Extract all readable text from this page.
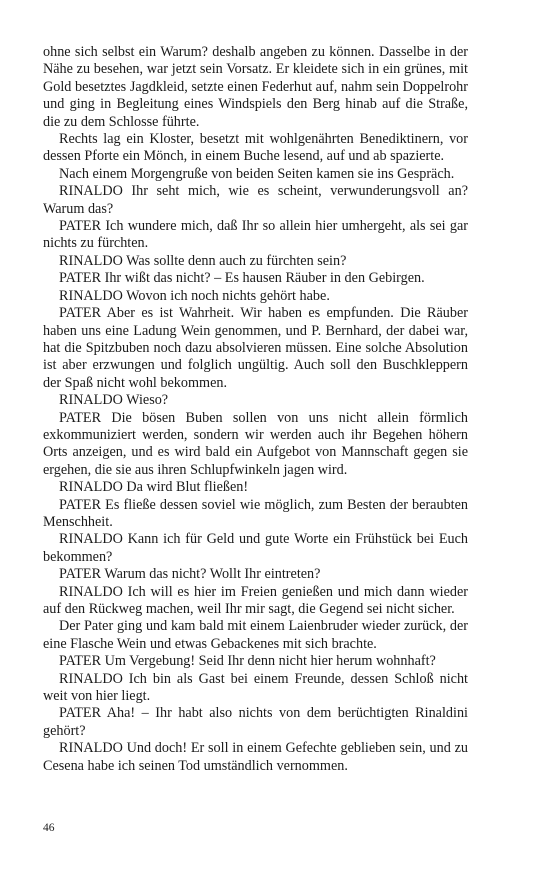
ohne sich selbst ein Warum? deshalb angeben zu können. Dasselbe in der Nähe zu besehen, war jetzt sein Vorsatz. Er kleidete sich in ein grünes, mit Gold besetztes Jagdkleid, setzte einen Federhut auf, nahm sein Doppelrohr und ging in Begleitung eines Windspiels den Berg hinab auf die Straße, die zu dem Schlosse führte.

Rechts lag ein Kloster, besetzt mit wohlgenährten Benediktinern, vor dessen Pforte ein Mönch, in einem Buche lesend, auf und ab spazierte.

Nach einem Morgengruße von beiden Seiten kamen sie ins Gespräch.

RINALDO Ihr seht mich, wie es scheint, verwunderungsvoll an? Warum das?

PATER Ich wundere mich, daß Ihr so allein hier umhergeht, als sei gar nichts zu fürchten.

RINALDO Was sollte denn auch zu fürchten sein?

PATER Ihr wißt das nicht? – Es hausen Räuber in den Gebirgen.

RINALDO Wovon ich noch nichts gehört habe.

PATER Aber es ist Wahrheit. Wir haben es empfunden. Die Räuber haben uns eine Ladung Wein genommen, und P. Bernhard, der dabei war, hat die Spitzbuben noch dazu absolvieren müssen. Eine solche Absolution ist aber erzwungen und folglich ungültig. Auch soll den Buschkleppern der Spaß nicht wohl bekommen.

RINALDO Wieso?

PATER Die bösen Buben sollen von uns nicht allein förmlich exkommuniziert werden, sondern wir werden auch ihr Begehen höhern Orts anzeigen, und es wird bald ein Aufgebot von Mannschaft gegen sie ergehen, die sie aus ihren Schlupfwinkeln jagen wird.

RINALDO Da wird Blut fließen!

PATER Es fließe dessen soviel wie möglich, zum Besten der beraubten Menschheit.

RINALDO Kann ich für Geld und gute Worte ein Frühstück bei Euch bekommen?

PATER Warum das nicht? Wollt Ihr eintreten?

RINALDO Ich will es hier im Freien genießen und mich dann wieder auf den Rückweg machen, weil Ihr mir sagt, die Gegend sei nicht sicher.

Der Pater ging und kam bald mit einem Laienbruder wieder zurück, der eine Flasche Wein und etwas Gebackenes mit sich brachte.

PATER Um Vergebung! Seid Ihr denn nicht hier herum wohnhaft?

RINALDO Ich bin als Gast bei einem Freunde, dessen Schloß nicht weit von hier liegt.

PATER Aha! – Ihr habt also nichts von dem berüchtigten Rinaldini gehört?

RINALDO Und doch! Er soll in einem Gefechte geblieben sein, und zu Cesena habe ich seinen Tod umständlich vernommen.

46
